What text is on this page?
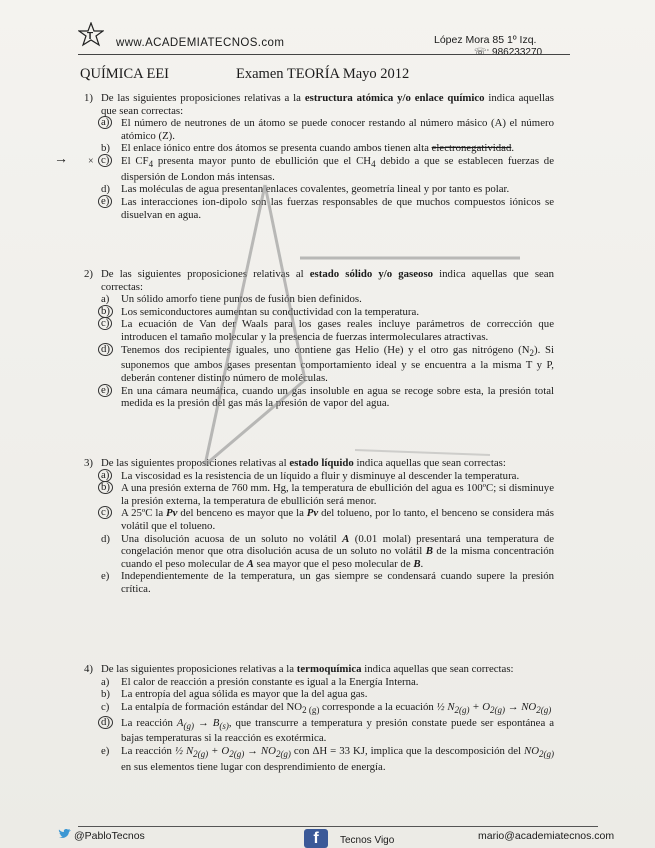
T
www.ACADEMIATECNOS.com	López Mora 85 1º Izq.
☏: 986233270
QUÍMICA EEI	Examen TEORÍA Mayo 2012
→ ×
1) De las siguientes proposiciones relativas a la estructura atómica y/o enlace químico indica aquellas que sean correctas:
a) El número de neutrones de un átomo se puede conocer restando al número másico (A) el número atómico (Z).
b) El enlace iónico entre dos átomos se presenta cuando ambos tienen alta electronegatividad.
c) El $CF_4$ presenta mayor punto de ebullición que el $CH_4$ debido a que se establecen fuerzas de dispersión de London más intensas.
d) Las moléculas de agua presentan enlaces covalentes, geometría lineal y por tanto es polar.
e) Las interacciones ion-dipolo son las fuerzas responsables de que muchos compuestos iónicos se disuelvan en agua.
2) De las siguientes proposiciones relativas al estado sólido y/o gaseoso indica aquellas que sean correctas:
a) Un sólido amorfo tiene puntos de fusión bien definidos.
b) Los semiconductores aumentan su conductividad con la temperatura.
c) La ecuación de Van der Waals para los gases reales incluye parámetros de corrección que introducen el tamaño molecular y la presencia de fuerzas intermoleculares atractivas.
d) Tenemos dos recipientes iguales, uno contiene gas Helio (He) y el otro gas nitrógeno $(N_2)$. Si suponemos que ambos gases presentan comportamiento ideal y se encuentra a la misma T y P, deberán contener distinto número de moléculas.
e) En una cámara neumática, cuando un gas insoluble en agua se recoge sobre esta, la presión total medida es la presión del gas más la presión de vapor del agua.
3) De las siguientes proposiciones relativas al estado líquido indica aquellas que sean correctas:
a) La viscosidad es la resistencia de un líquido a fluir y disminuye al descender la temperatura.
b) A una presión externa de 760 mm. Hg, la temperatura de ebullición del agua es 100ºC; si disminuye la presión externa, la temperatura de ebullición será menor.
c) A 25ºC la Pv del benceno es mayor que la Pv del tolueno, por lo tanto, el benceno se considera más volátil que el tolueno.
d) Una disolución acuosa de un soluto no volátil A (0.01 molal) presentará una temperatura de congelación menor que otra disolución acusa de un soluto no volátil B de la misma concentración cuando el peso molecular de A sea mayor que el peso molecular de B.
e) Independientemente de la temperatura, un gas siempre se condensará cuando supere la presión crítica.
4) De las siguientes proposiciones relativas a la termoquímica indica aquellas que sean correctas:
a) El calor de reacción a presión constante es igual a la Energía Interna.
b) La entropía del agua sólida es mayor que la del agua gas.
c) La entalpía de formación estándar del $NO_{2 (g)}$ corresponde a la ecuación ½ $N_{2(g)} + O_{2(g)} \to NO_{2(g)}$
d) La reacción $A_{(g)} \to B_{(s)}$, que transcurre a temperatura y presión constate puede ser espontánea a bajas temperaturas si la reacción es exotérmica.
e) La reacción ½ $N_{2(g)} + O_{2(g)} \to NO_{2(g)}$ con ΔH = 33 KJ, implica que la descomposición del $NO_{2(g)}$ en sus elementos tiene lugar con desprendimiento de energía.
@PabloTecnos	f	Tecnos Vigo	mario@academiatecnos.com
